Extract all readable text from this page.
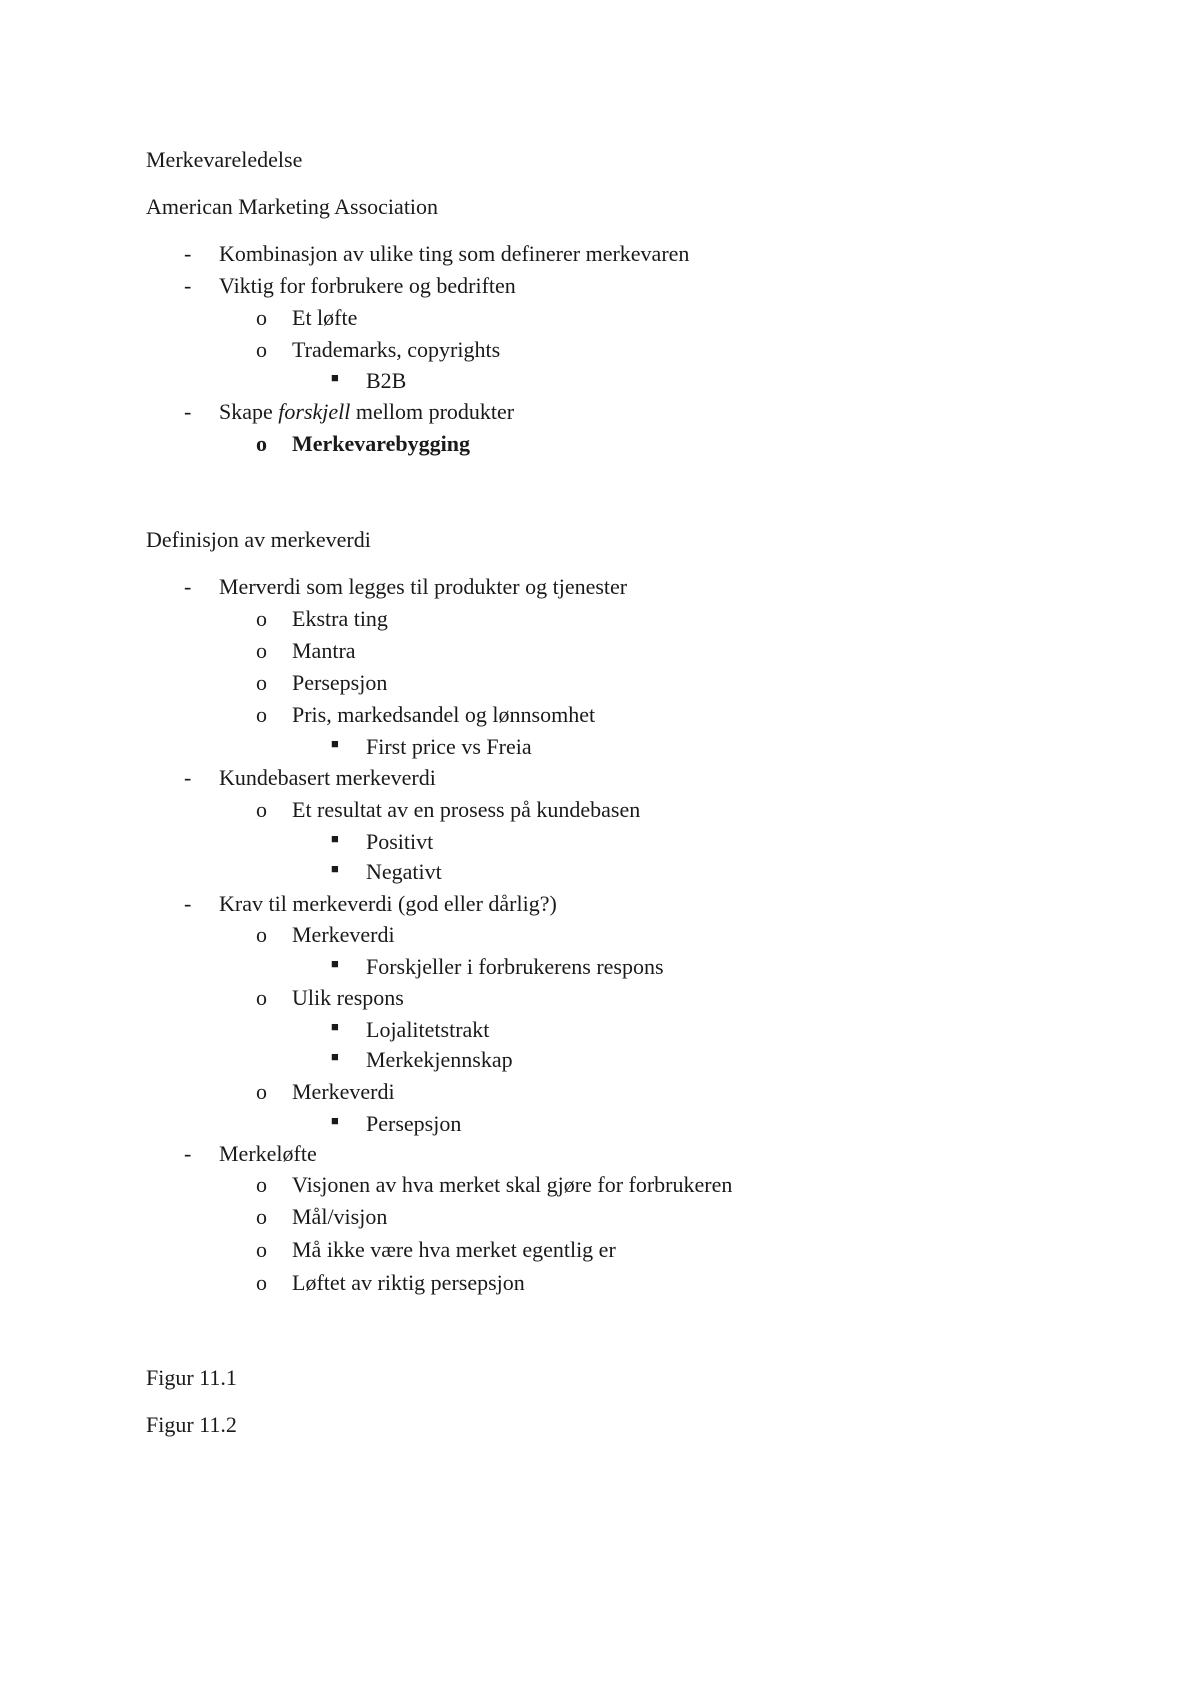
Merkevareledelse
American Marketing Association
- Kombinasjon av ulike ting som definerer merkevaren
- Viktig for forbrukere og bedriften
o Et løfte
o Trademarks, copyrights
■ B2B
- Skape forskjell mellom produkter
o Merkevarebygging
Definisjon av merkeverdi
- Merverdi som legges til produkter og tjenester
o Ekstra ting
o Mantra
o Persepsjon
o Pris, markedsandel og lønnsomhet
■ First price vs Freia
- Kundebasert merkeverdi
o Et resultat av en prosess på kundebasen
■ Positivt
■ Negativt
- Krav til merkeverdi (god eller dårlig?)
o Merkeverdi
■ Forskjeller i forbrukerens respons
o Ulik respons
■ Lojalitetstrakt
■ Merkekjennskap
o Merkeverdi
■ Persepsjon
- Merkeløfte
o Visjonen av hva merket skal gjøre for forbrukeren
o Mål/visjon
o Må ikke være hva merket egentlig er
o Løftet av riktig persepsjon
Figur 11.1
Figur 11.2
